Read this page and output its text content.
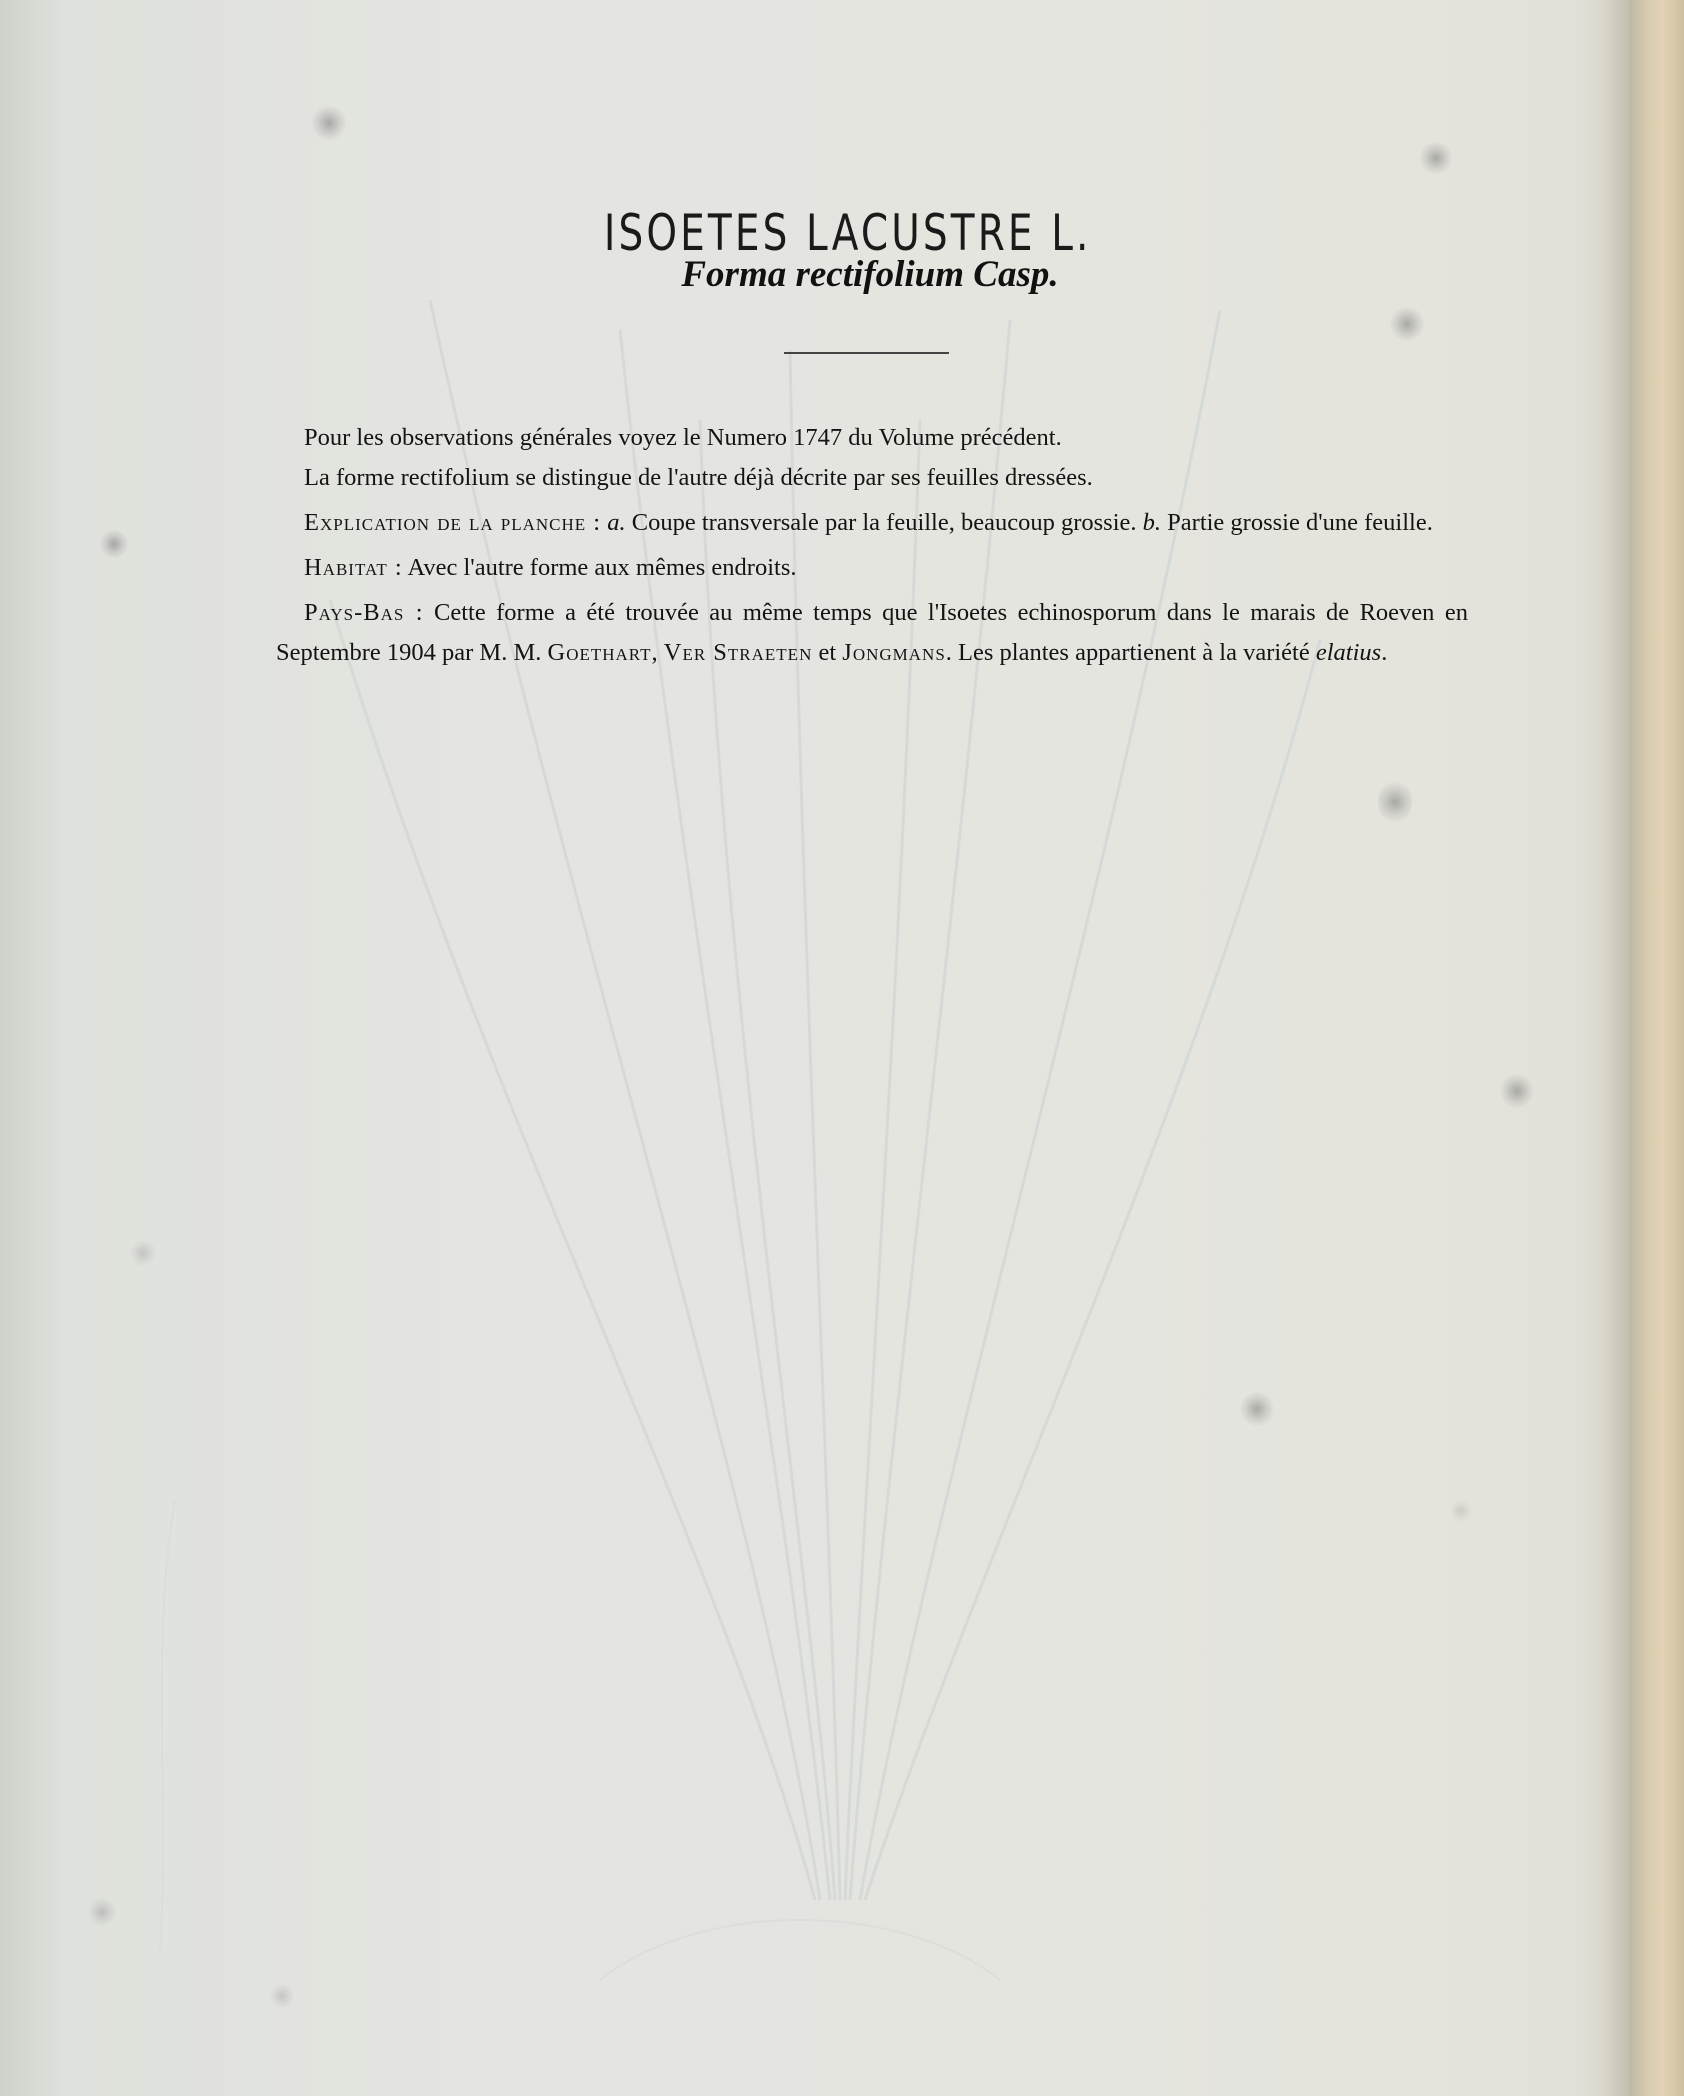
ISOETES LACUSTRE L.
Forma rectifolium Casp.

Pour les observations générales voyez le Numero 1747 du Volume précédent.

La forme rectifolium se distingue de l'autre déjà décrite par ses feuilles dressées.

Explication de la planche : a. Coupe transversale par la feuille, beaucoup grossie. b. Partie grossie d'une feuille.

Habitat : Avec l'autre forme aux mêmes endroits.

Pays-Bas : Cette forme a été trouvée au même temps que l'Isoetes echinosporum dans le marais de Roeven en Septembre 1904 par M. M. Goethart, Ver Straeten et Jongmans. Les plantes appartienent à la variété elatius.
